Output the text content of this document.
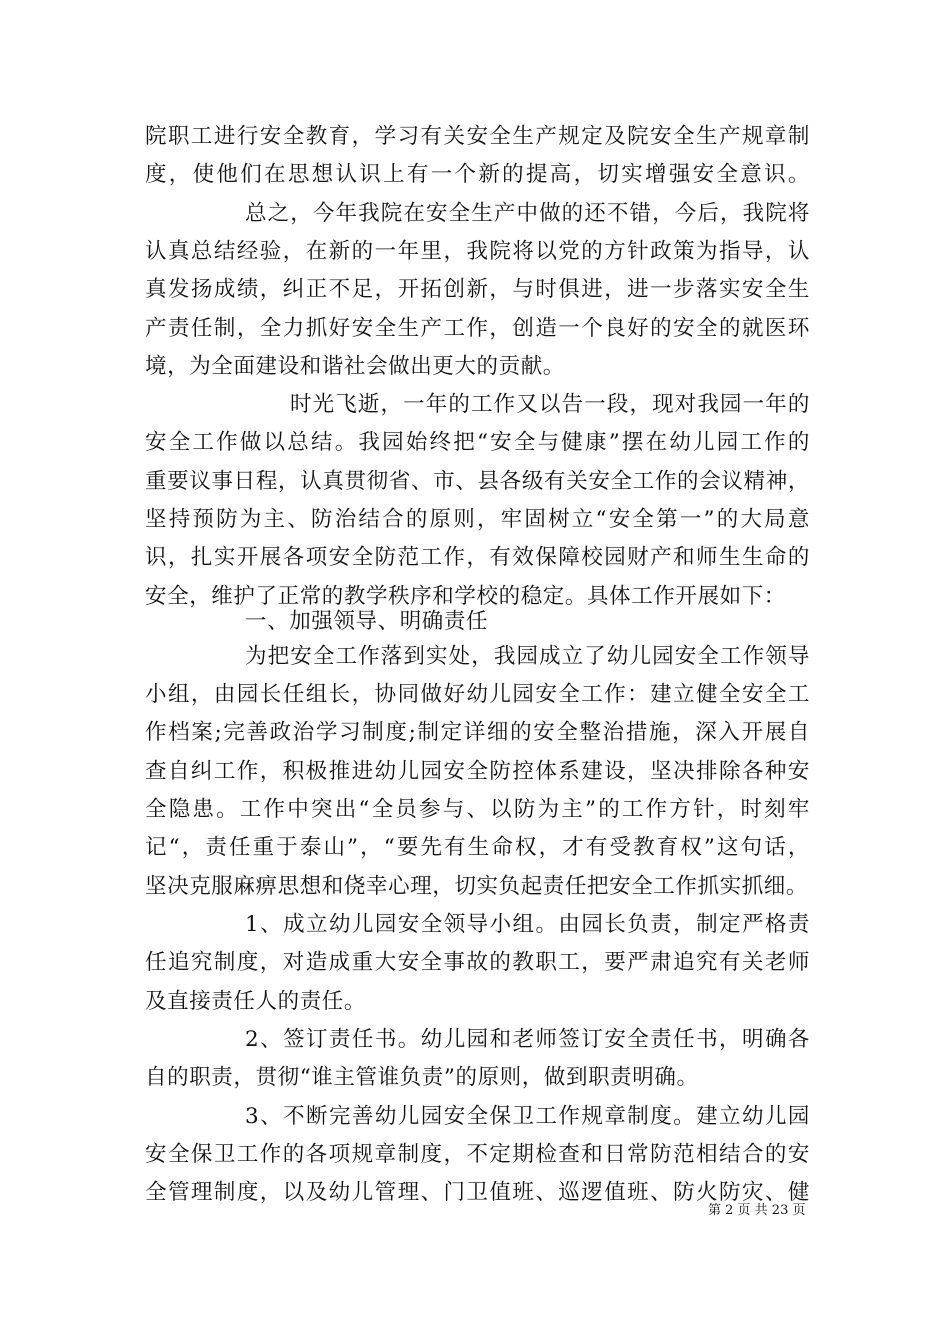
院职工进行安全教育，学习有关安全生产规定及院安全生产规章制
度，使他们在思想认识上有一个新的提高，切实增强安全意识。
总之，今年我院在安全生产中做的还不错，今后，我院将
认真总结经验，在新的一年里，我院将以党的方针政策为指导，认
真发扬成绩，纠正不足，开拓创新，与时俱进，进一步落实安全生
产责任制，全力抓好安全生产工作，创造一个良好的安全的就医环
境，为全面建设和谐社会做出更大的贡献。
时光飞逝，一年的工作又以告一段，现对我园一年的
安全工作做以总结。我园始终把“安全与健康”摆在幼儿园工作的
重要议事日程，认真贯彻省、市、县各级有关安全工作的会议精神，
坚持预防为主、防治结合的原则，牢固树立“安全第一”的大局意
识，扎实开展各项安全防范工作，有效保障校园财产和师生生命的
安全，维护了正常的教学秩序和学校的稳定。具体工作开展如下：
一、加强领导、明确责任
为把安全工作落到实处，我园成立了幼儿园安全工作领导
小组，由园长任组长，协同做好幼儿园安全工作：建立健全安全工
作档案;完善政治学习制度;制定详细的安全整治措施，深入开展自
查自纠工作，积极推进幼儿园安全防控体系建设，坚决排除各种安
全隐患。工作中突出“全员参与、以防为主”的工作方针，时刻牢
记“，责任重于泰山”，“要先有生命权，才有受教育权”这句话，
坚决克服麻痹思想和侥幸心理，切实负起责任把安全工作抓实抓细。
1、成立幼儿园安全领导小组。由园长负责，制定严格责
任追究制度，对造成重大安全事故的教职工，要严肃追究有关老师
及直接责任人的责任。
2、签订责任书。幼儿园和老师签订安全责任书，明确各
自的职责，贯彻“谁主管谁负责”的原则，做到职责明确。
3、不断完善幼儿园安全保卫工作规章制度。建立幼儿园
安全保卫工作的各项规章制度，不定期检查和日常防范相结合的安
全管理制度，以及幼儿管理、门卫值班、巡逻值班、防火防灾、健
第 2 页 共 23 页
